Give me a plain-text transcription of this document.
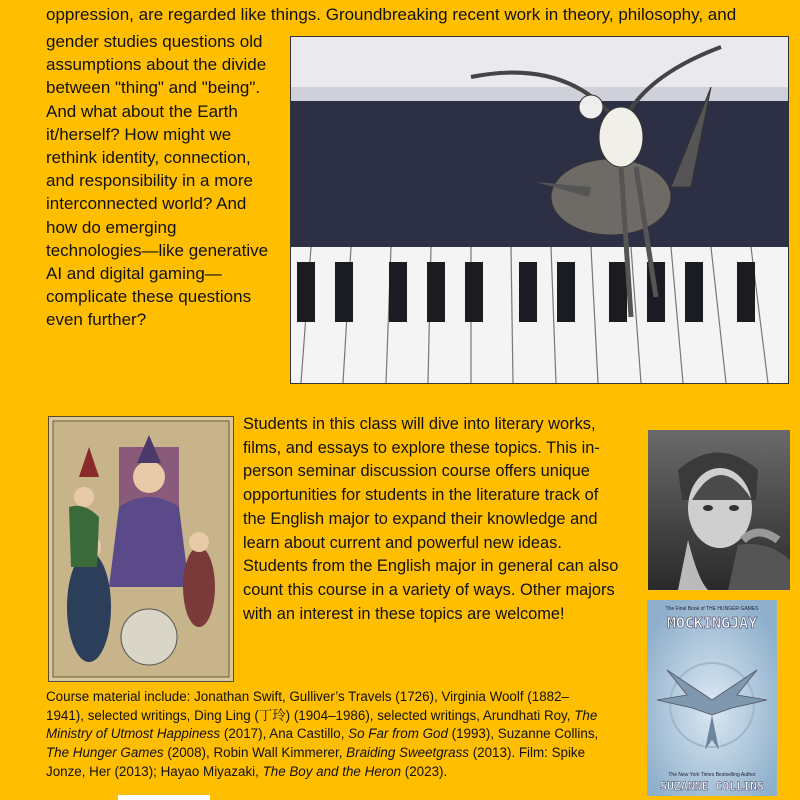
oppression, are regarded like things. Groundbreaking recent work in theory, philosophy, and
gender studies questions old
assumptions about the divide
between "thing" and "being".
And what about the Earth
it/herself? How might we
rethink identity, connection,
and responsibility in a more
interconnected world? And
how do emerging
technologies—like generative
AI and digital gaming—
complicate these questions
even further?
Students in this class will dive into literary works,
films, and essays to explore these topics. This in-
person seminar discussion course offers unique
opportunities for students in the literature track of
the English major to expand their knowledge and
learn about current and powerful new ideas.
Students from the English major in general can also
count this course in a variety of ways. Other majors
with an interest in these topics are welcome!	The Final Book of THE HUNGER GAMES
MOCKINGJAY
The New York Times Bestselling Author
SUZANNE COLLINS
Course material include: Jonathan Swift, Gulliver’s Travels (1726), Virginia Woolf (1882–
1941), selected writings, Ding Ling (丁玲) (1904–1986), selected writings, Arundhati Roy, The
Ministry of Utmost Happiness (2017), Ana Castillo, So Far from God (1993), Suzanne Collins,
The Hunger Games (2008), Robin Wall Kimmerer, Braiding Sweetgrass (2013). Film: Spike
Jonze, Her (2013); Hayao Miyazaki, The Boy and the Heron (2023).
